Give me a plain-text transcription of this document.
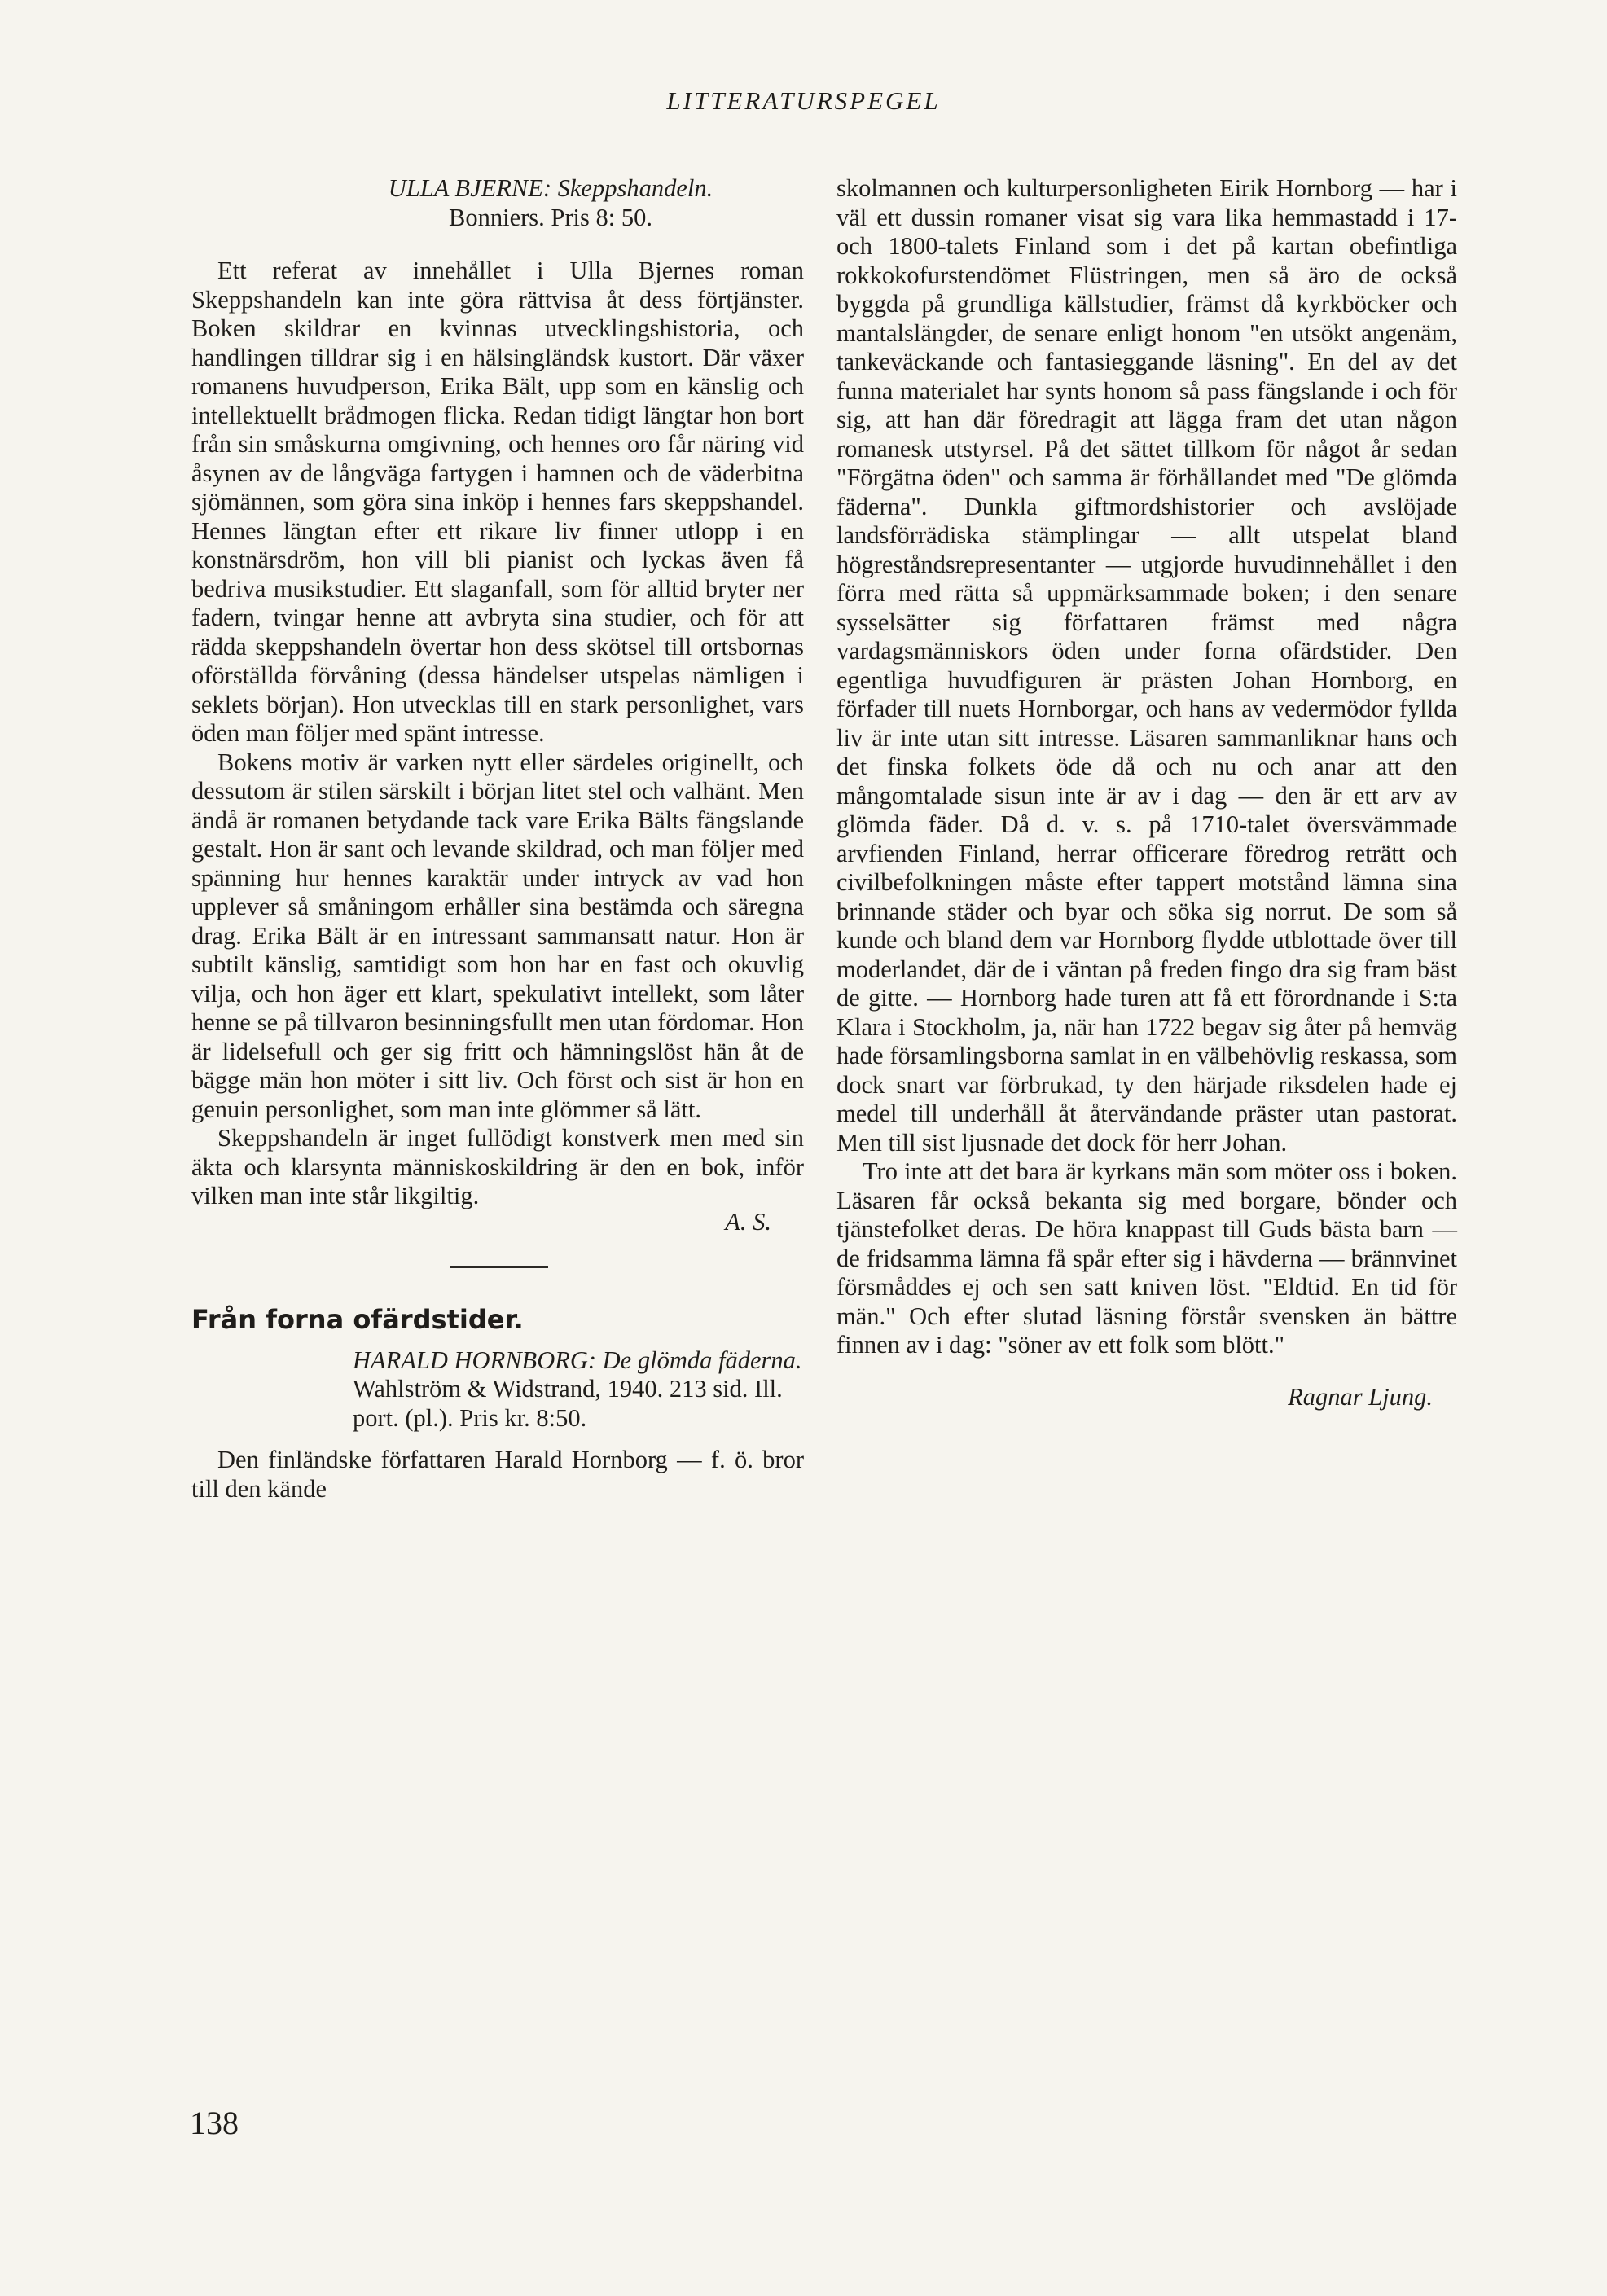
LITTERATURSPEGEL
ULLA BJERNE: Skeppshandeln.
Bonniers. Pris 8: 50.

Ett referat av innehållet i Ulla Bjernes roman Skeppshandeln kan inte göra rättvisa åt dess förtjänster. Boken skildrar en kvinnas utvecklingshistoria, och handlingen tilldrar sig i en hälsingländsk kustort. Där växer romanens huvudperson, Erika Bält, upp som en känslig och intellektuellt brådmogen flicka. Redan tidigt längtar hon bort från sin småskurna omgivning, och hennes oro får näring vid åsynen av de långväga fartygen i hamnen och de väderbitna sjömännen, som göra sina inköp i hennes fars skeppshandel. Hennes längtan efter ett rikare liv finner utlopp i en konstnärsdröm, hon vill bli pianist och lyckas även få bedriva musikstudier. Ett slaganfall, som för alltid bryter ner fadern, tvingar henne att avbryta sina studier, och för att rädda skeppshandeln övertar hon dess skötsel till ortsbornas oförställda förvåning (dessa händelser utspelas nämligen i seklets början). Hon utvecklas till en stark personlighet, vars öden man följer med spänt intresse.

Bokens motiv är varken nytt eller särdeles originellt, och dessutom är stilen särskilt i början litet stel och valhänt. Men ändå är romanen betydande tack vare Erika Bälts fängslande gestalt. Hon är sant och levande skildrad, och man följer med spänning hur hennes karaktär under intryck av vad hon upplever så småningom erhåller sina bestämda och säregna drag. Erika Bält är en intressant sammansatt natur. Hon är subtilt känslig, samtidigt som hon har en fast och okuvlig vilja, och hon äger ett klart, spekulativt intellekt, som låter henne se på tillvaron besinningsfullt men utan fördomar. Hon är lidelsefull och ger sig fritt och hämningslöst hän åt de bägge män hon möter i sitt liv. Och först och sist är hon en genuin personlighet, som man inte glömmer så lätt.

Skeppshandeln är inget fullödigt konstverk men med sin äkta och klarsynta människoskildring är den en bok, inför vilken man inte står likgiltig.

A. S.
Från forna ofärdstider.
HARALD HORNBORG: De glömda fäderna. Wahlström & Widstrand, 1940. 213 sid. Ill. port. (pl.). Pris kr. 8:50.

Den finländske författaren Harald Hornborg — f. ö. bror till den kände

skolmannen och kulturpersonligheten Eirik Hornborg — har i väl ett dussin romaner visat sig vara lika hemmastadd i 17- och 1800-talets Finland som i det på kartan obefintliga rokkokofurstendömet Flüstringen, men så äro de också byggda på grundliga källstudier, främst då kyrkböcker och mantalslängder, de senare enligt honom "en utsökt angenäm, tankeväckande och fantasieggande läsning". En del av det funna materialet har synts honom så pass fängslande i och för sig, att han där föredragit att lägga fram det utan någon romanesk utstyrsel. På det sättet tillkom för något år sedan "Förgätna öden" och samma är förhållandet med "De glömda fäderna". Dunkla giftmordshistorier och avslöjade landsförrädiska stämplingar — allt utspelat bland högreståndsrepresentanter — utgjorde huvudinnehållet i den förra med rätta så uppmärksammade boken; i den senare sysselsätter sig författaren främst med några vardagsmänniskors öden under forna ofärdstider. Den egentliga huvudfiguren är prästen Johan Hornborg, en förfader till nuets Hornborgar, och hans av vedermödor fyllda liv är inte utan sitt intresse. Läsaren sammanliknar hans och det finska folkets öde då och nu och anar att den mångomtalade sisun inte är av i dag — den är ett arv av glömda fäder. Då d. v. s. på 1710-talet översvämmade arvfienden Finland, herrar officerare föredrog reträtt och civilbefolkningen måste efter tappert motstånd lämna sina brinnande städer och byar och söka sig norrut. De som så kunde och bland dem var Hornborg flydde utblottade över till moderlandet, där de i väntan på freden fingo dra sig fram bäst de gitte. — Hornborg hade turen att få ett förordnande i S:ta Klara i Stockholm, ja, när han 1722 begav sig åter på hemväg hade församlingsborna samlat in en välbehövlig reskassa, som dock snart var förbrukad, ty den härjade riksdelen hade ej medel till underhåll åt återvändande präster utan pastorat. Men till sist ljusnade det dock för herr Johan.

Tro inte att det bara är kyrkans män som möter oss i boken. Läsaren får också bekanta sig med borgare, bönder och tjänstefolket deras. De höra knappast till Guds bästa barn — de fridsamma lämna få spår efter sig i hävderna — brännvinet försmåddes ej och sen satt kniven löst. "Eldtid. En tid för män." Och efter slutad läsning förstår svensken än bättre finnen av i dag: "söner av ett folk som blött."

Ragnar Ljung.
138
